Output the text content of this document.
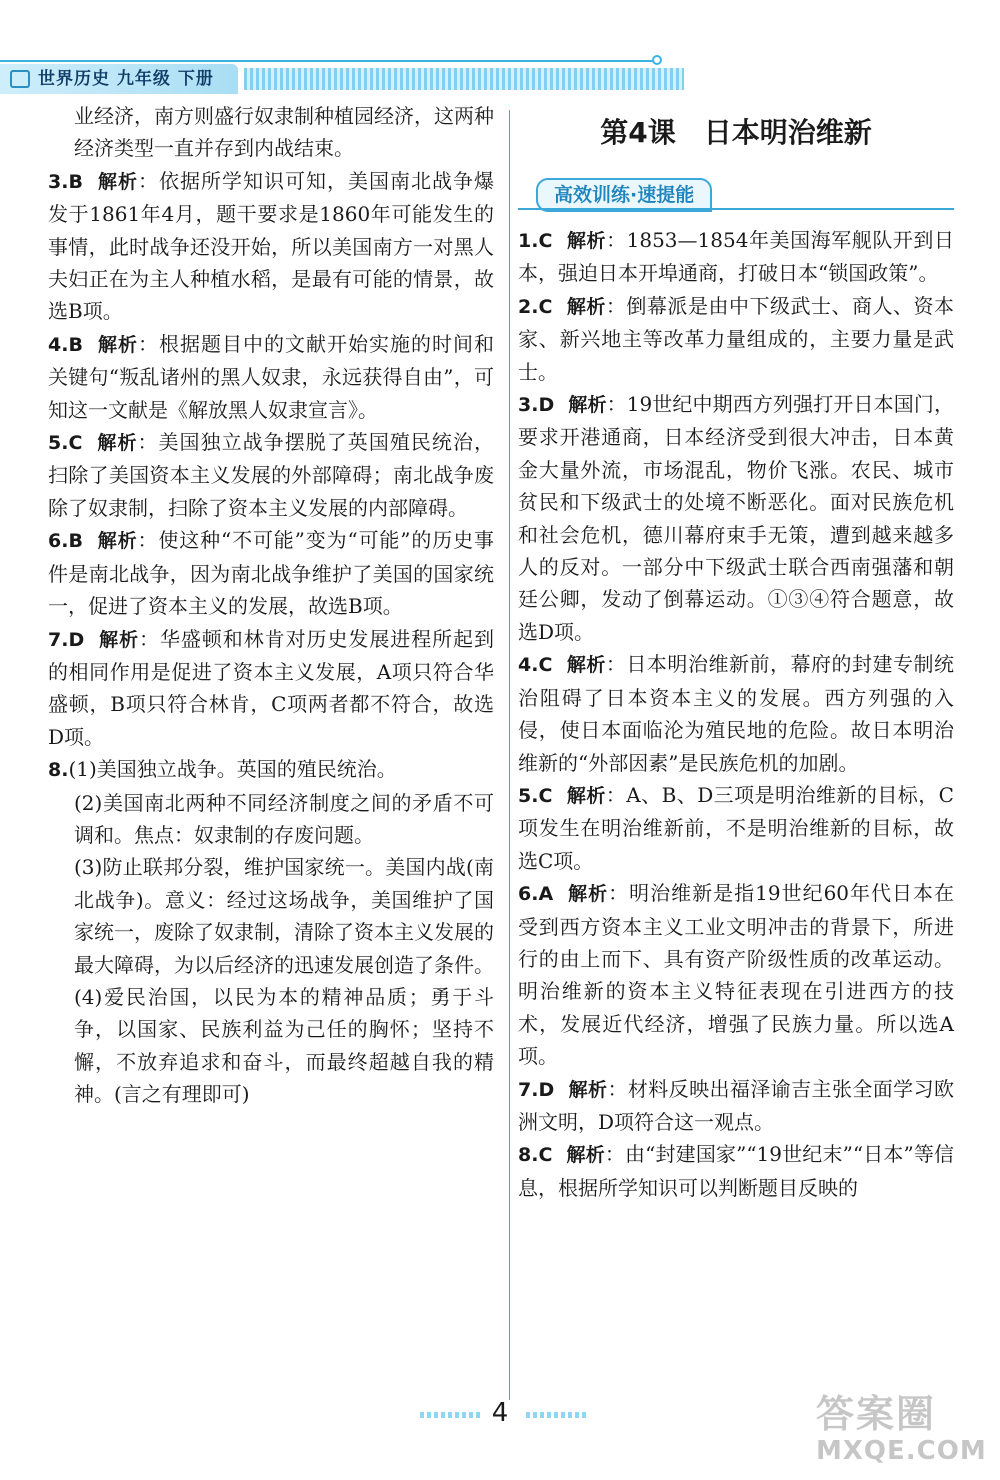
世界历史 九年级 下册

业经济，南方则盛行奴隶制种植园经济，这两种经济类型一直并存到内战结束。

3.B 解析：依据所学知识可知，美国南北战争爆发于1861年4月，题干要求是1860年可能发生的事情，此时战争还没开始，所以美国南方一对黑人夫妇正在为主人种植水稻，是最有可能的情景，故选B项。

4.B 解析：根据题目中的文献开始实施的时间和关键句“叛乱诸州的黑人奴隶，永远获得自由”，可知这一文献是《解放黑人奴隶宣言》。

5.C 解析：美国独立战争摆脱了英国殖民统治，扫除了美国资本主义发展的外部障碍；南北战争废除了奴隶制，扫除了资本主义发展的内部障碍。

6.B 解析：使这种“不可能”变为“可能”的历史事件是南北战争，因为南北战争维护了美国的国家统一，促进了资本主义的发展，故选B项。

7.D 解析：华盛顿和林肯对历史发展进程所起到的相同作用是促进了资本主义发展，A项只符合华盛顿，B项只符合林肯，C项两者都不符合，故选D项。

8.(1)美国独立战争。英国的殖民统治。

(2)美国南北两种不同经济制度之间的矛盾不可调和。焦点：奴隶制的存废问题。

(3)防止联邦分裂，维护国家统一。美国内战(南北战争)。意义：经过这场战争，美国维护了国家统一，废除了奴隶制，清除了资本主义发展的最大障碍，为以后经济的迅速发展创造了条件。

(4)爱民治国，以民为本的精神品质；勇于斗争，以国家、民族利益为己任的胸怀；坚持不懈，不放弃追求和奋斗，而最终超越自我的精神。(言之有理即可)

第4课　日本明治维新
高效训练·速提能

1.C 解析：1853—1854年美国海军舰队开到日本，强迫日本开埠通商，打破日本“锁国政策”。

2.C 解析：倒幕派是由中下级武士、商人、资本家、新兴地主等改革力量组成的，主要力量是武士。

3.D 解析：19世纪中期西方列强打开日本国门，要求开港通商，日本经济受到很大冲击，日本黄金大量外流，市场混乱，物价飞涨。农民、城市贫民和下级武士的处境不断恶化。面对民族危机和社会危机，德川幕府束手无策，遭到越来越多人的反对。一部分中下级武士联合西南强藩和朝廷公卿，发动了倒幕运动。①③④符合题意，故选D项。

4.C 解析：日本明治维新前，幕府的封建专制统治阻碍了日本资本主义的发展。西方列强的入侵，使日本面临沦为殖民地的危险。故日本明治维新的“外部因素”是民族危机的加剧。

5.C 解析：A、B、D三项是明治维新的目标，C项发生在明治维新前，不是明治维新的目标，故选C项。

6.A 解析：明治维新是指19世纪60年代日本在受到西方资本主义工业文明冲击的背景下，所进行的由上而下、具有资产阶级性质的改革运动。明治维新的资本主义特征表现在引进西方的技术，发展近代经济，增强了民族力量。所以选A项。

7.D 解析：材料反映出福泽谕吉主张全面学习欧洲文明，D项符合这一观点。

8.C 解析：由“封建国家”“19世纪末”“日本”等信息，根据所学知识可以判断题目反映的

4	答案圈
MXQE.COM
